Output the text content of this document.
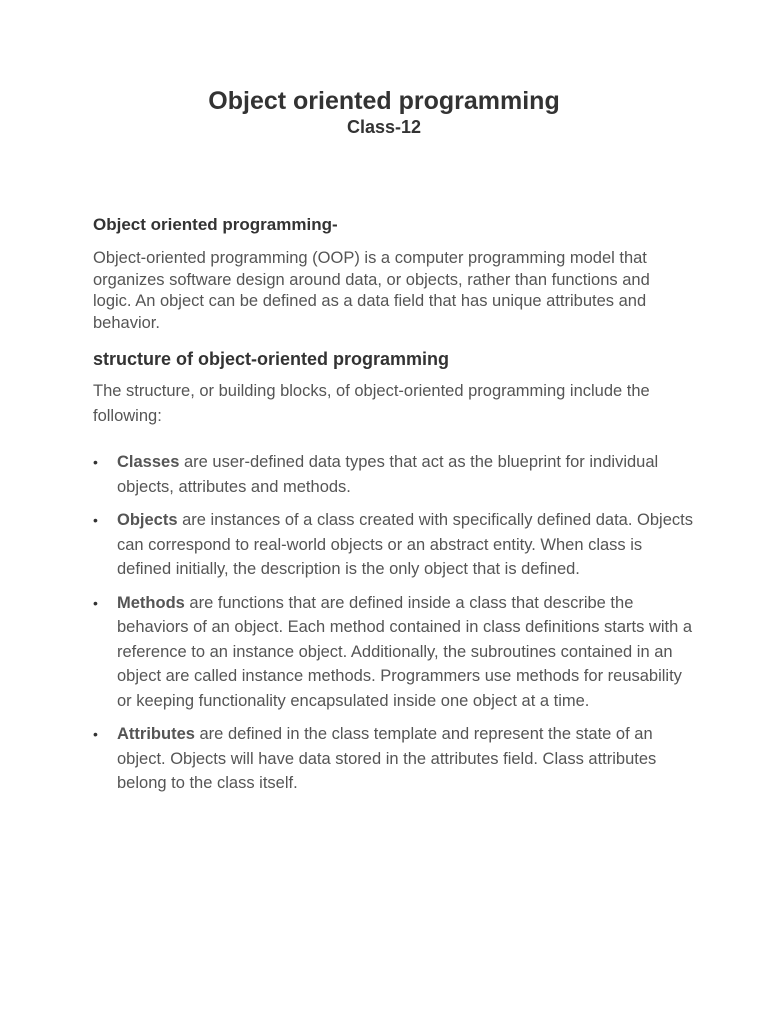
Object oriented programming
Class-12
Object oriented programming-

Object-oriented programming (OOP) is a computer programming model that organizes software design around data, or objects, rather than functions and logic. An object can be defined as a data field that has unique attributes and behavior.

structure of object-oriented programming

The structure, or building blocks, of object-oriented programming include the following:

• Classes are user-defined data types that act as the blueprint for individual objects, attributes and methods.
• Objects are instances of a class created with specifically defined data. Objects can correspond to real-world objects or an abstract entity. When class is defined initially, the description is the only object that is defined.
• Methods are functions that are defined inside a class that describe the behaviors of an object. Each method contained in class definitions starts with a reference to an instance object. Additionally, the subroutines contained in an object are called instance methods. Programmers use methods for reusability or keeping functionality encapsulated inside one object at a time.
• Attributes are defined in the class template and represent the state of an object. Objects will have data stored in the attributes field. Class attributes belong to the class itself.
